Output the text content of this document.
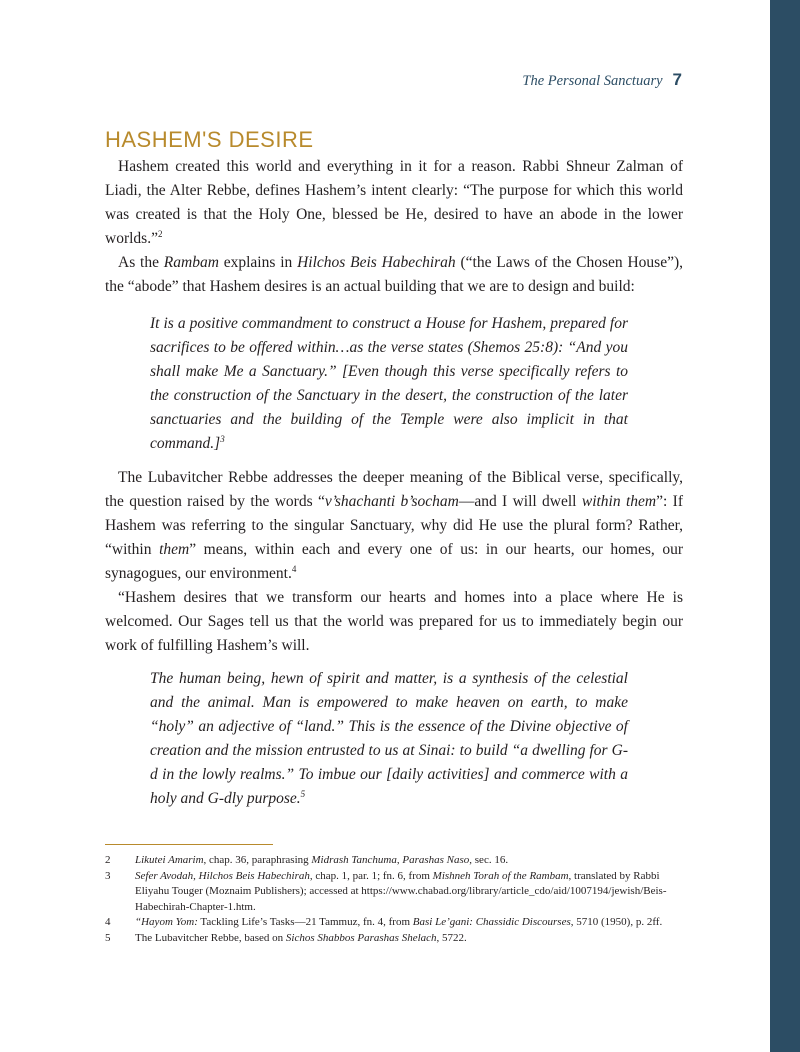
The Personal Sanctuary 7
HASHEM'S DESIRE

Hashem created this world and everything in it for a reason. Rabbi Shneur Zalman of Liadi, the Alter Rebbe, defines Hashem’s intent clearly: “The purpose for which this world was created is that the Holy One, blessed be He, desired to have an abode in the lower worlds.”$^2$

As the Rambam explains in Hilchos Beis Habechirah (“the Laws of the Chosen House”), the “abode” that Hashem desires is an actual building that we are to design and build:

It is a positive commandment to construct a House for Hashem, prepared for sacrifices to be offered within…as the verse states (Shemos 25:8): “And you shall make Me a Sanctuary.” [Even though this verse specifically refers to the construction of the Sanctuary in the desert, the construction of the later sanctuaries and the building of the Temple were also implicit in that command.]$^3$

The Lubavitcher Rebbe addresses the deeper meaning of the Biblical verse, specifically, the question raised by the words “v’shachanti b’socham—and I will dwell within them”: If Hashem was referring to the singular Sanctuary, why did He use the plural form? Rather, “within them” means, within each and every one of us: in our hearts, our homes, our synagogues, our environment.$^4$

“Hashem desires that we transform our hearts and homes into a place where He is welcomed. Our Sages tell us that the world was prepared for us to immediately begin our work of fulfilling Hashem’s will.

The human being, hewn of spirit and matter, is a synthesis of the celestial and the animal. Man is empowered to make heaven on earth, to make “holy” an adjective of “land.” This is the essence of the Divine objective of creation and the mission entrusted to us at Sinai: to build “a dwelling for G-d in the lowly realms.” To imbue our [daily activities] and commerce with a holy and G-dly purpose.$^5$

2	Likutei Amarim, chap. 36, paraphrasing Midrash Tanchuma, Parashas Naso, sec. 16.
3	Sefer Avodah, Hilchos Beis Habechirah, chap. 1, par. 1; fn. 6, from Mishneh Torah of the Rambam, translated by Rabbi Eliyahu Touger (Moznaim Publishers); accessed at https://www.chabad.org/library/article_cdo/aid/1007194/jewish/Beis-Habechirah-Chapter-1.htm.
4	“Hayom Yom: Tackling Life’s Tasks—21 Tammuz, fn. 4, from Basi Le’gani: Chassidic Discourses, 5710 (1950), p. 2ff.
5	The Lubavitcher Rebbe, based on Sichos Shabbos Parashas Shelach, 5722.
